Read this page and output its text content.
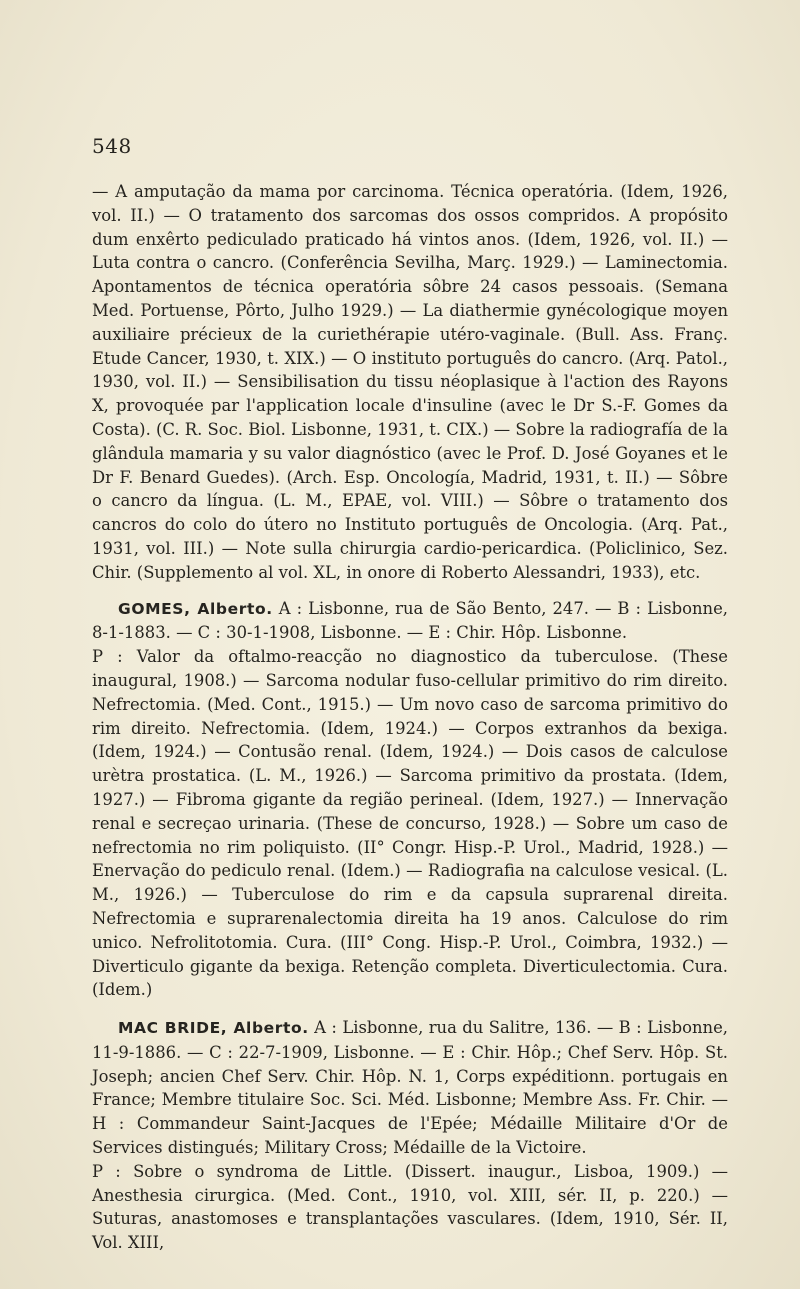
548

— A amputação da mama por carcinoma. Técnica operatória. (Idem, 1926, vol. II.) — O tratamento dos sarcomas dos ossos compridos. A propósito dum enxêrto pediculado praticado há vintos anos. (Idem, 1926, vol. II.) — Luta contra o cancro. (Conferência Sevilha, Març. 1929.) — Laminectomia. Apontamentos de técnica operatória sôbre 24 casos pessoais. (Semana Med. Portuense, Pôrto, Julho 1929.) — La diathermie gynécologique moyen auxiliaire précieux de la curiethérapie utéro-vaginale. (Bull. Ass. Franç. Etude Cancer, 1930, t. XIX.) — O instituto português do cancro. (Arq. Patol., 1930, vol. II.) — Sensibilisation du tissu néoplasique à l'action des Rayons X, provoquée par l'application locale d'insuline (avec le Dr S.-F. Gomes da Costa). (C. R. Soc. Biol. Lisbonne, 1931, t. CIX.) — Sobre la radiografía de la glândula mamaria y su valor diagnóstico (avec le Prof. D. José Goyanes et le Dr F. Benard Guedes). (Arch. Esp. Oncología, Madrid, 1931, t. II.) — Sôbre o cancro da língua. (L. M., EPAE, vol. VIII.) — Sôbre o tratamento dos cancros do colo do útero no Instituto português de Oncologia. (Arq. Pat., 1931, vol. III.) — Note sulla chirurgia cardio-pericardica. (Policlinico, Sez. Chir. (Supplemento al vol. XL, in onore di Roberto Alessandri, 1933), etc.

GOMES, Alberto. A : Lisbonne, rua de São Bento, 247. — B : Lisbonne, 8-1-1883. — C : 30-1-1908, Lisbonne. — E : Chir. Hôp. Lisbonne.

P : Valor da oftalmo-reacção no diagnostico da tuberculose. (These inaugural, 1908.) — Sarcoma nodular fuso-cellular primitivo do rim direito. Nefrectomia. (Med. Cont., 1915.) — Um novo caso de sarcoma primitivo do rim direito. Nefrectomia. (Idem, 1924.) — Corpos extranhos da bexiga. (Idem, 1924.) — Contusão renal. (Idem, 1924.) — Dois casos de calculose urètra prostatica. (L. M., 1926.) — Sarcoma primitivo da prostata. (Idem, 1927.) — Fibroma gigante da região perineal. (Idem, 1927.) — Innervação renal e secreçao urinaria. (These de concurso, 1928.) — Sobre um caso de nefrectomia no rim poliquisto. (II° Congr. Hisp.-P. Urol., Madrid, 1928.) — Enervação do pediculo renal. (Idem.) — Radiografia na calculose vesical. (L. M., 1926.) — Tuberculose do rim e da capsula suprarenal direita. Nefrectomia e suprarenalectomia direita ha 19 anos. Calculose do rim unico. Nefrolitotomia. Cura. (III° Cong. Hisp.-P. Urol., Coimbra, 1932.) — Diverticulo gigante da bexiga. Retenção completa. Diverticulectomia. Cura. (Idem.)

MAC BRIDE, Alberto. A : Lisbonne, rua du Salitre, 136. — B : Lisbonne, 11-9-1886. — C : 22-7-1909, Lisbonne. — E : Chir. Hôp.; Chef Serv. Hôp. St. Joseph; ancien Chef Serv. Chir. Hôp. N. 1, Corps expéditionn. portugais en France; Membre titulaire Soc. Sci. Méd. Lisbonne; Membre Ass. Fr. Chir. — H : Commandeur Saint-Jacques de l'Epée; Médaille Militaire d'Or de Services distingués; Military Cross; Médaille de la Victoire.

P : Sobre o syndroma de Little. (Dissert. inaugur., Lisboa, 1909.) — Anesthesia cirurgica. (Med. Cont., 1910, vol. XIII, sér. II, p. 220.) — Suturas, anastomoses e transplantações vasculares. (Idem, 1910, Sér. II, Vol. XIII,
